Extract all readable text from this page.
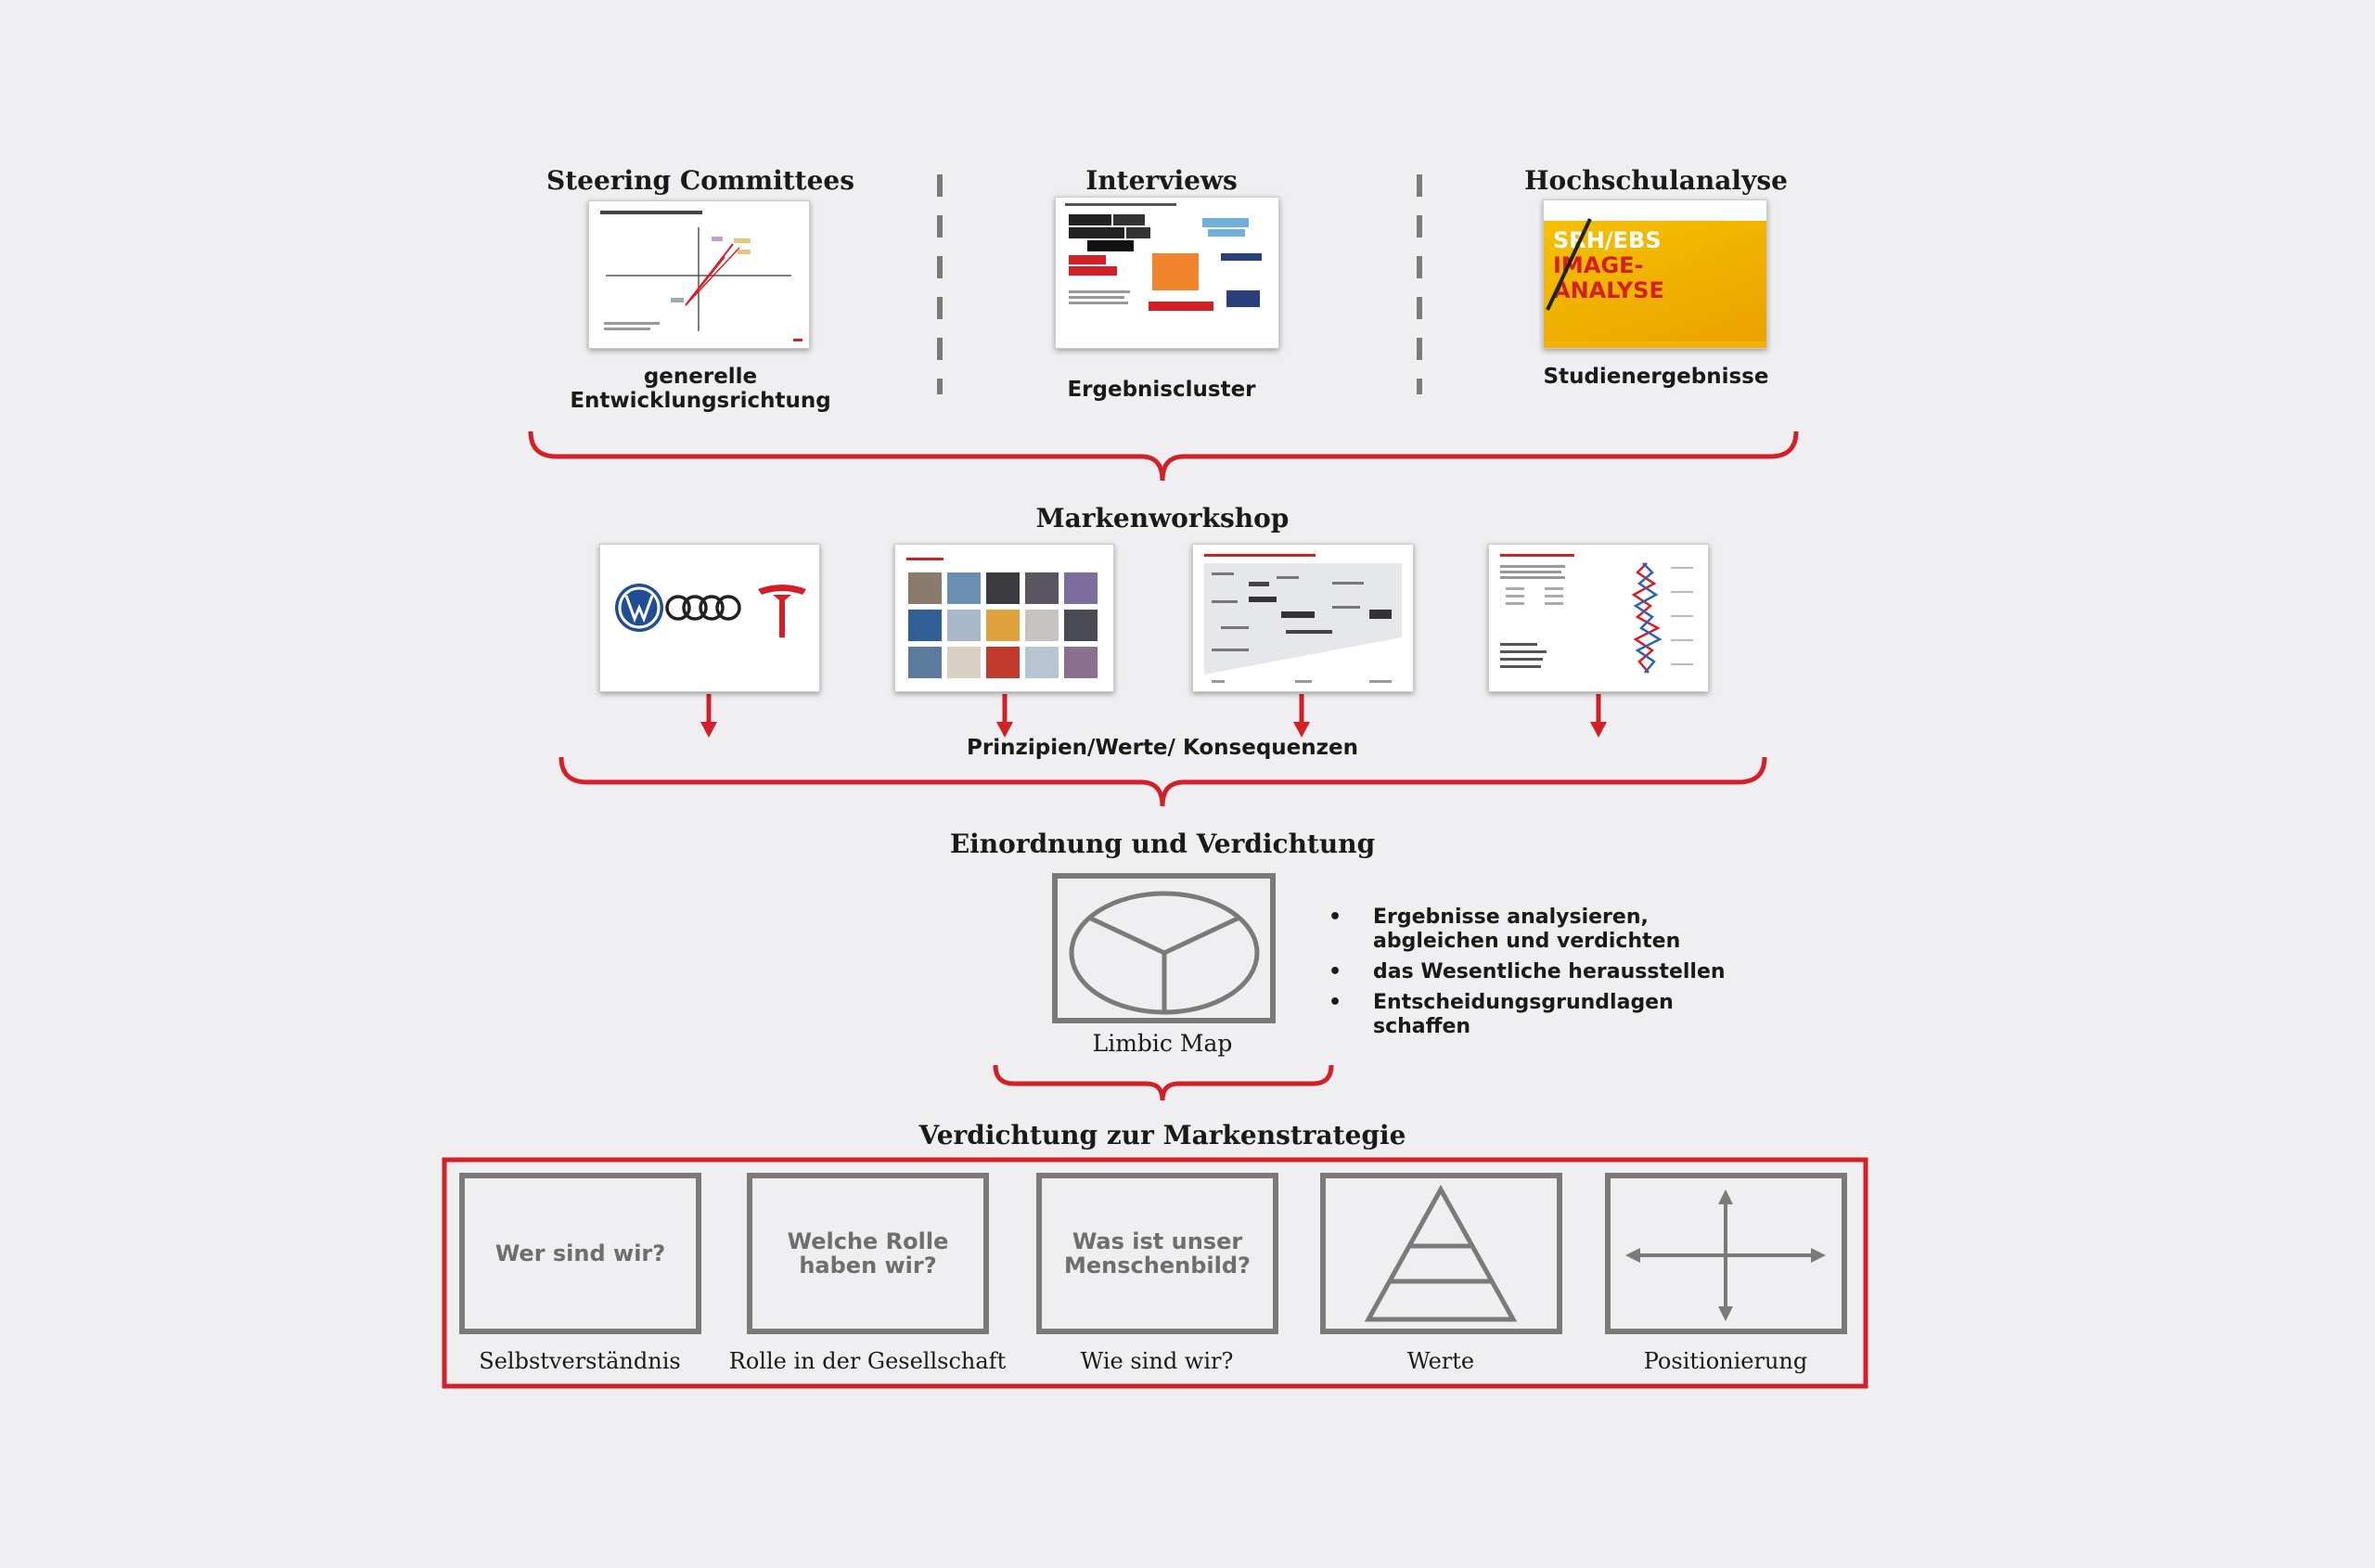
Steering Committees	Interviews	Hochschulanalyse
SRH/EBS
IMAGE-
ANALYSE
generelle Entwicklungsrichtung	Ergebniscluster
Studienergebnisse
Markenworkshop
Prinzipien/Werte/ Konsequenzen
Einordnung und Verdichtung
Limbic Map
•	Ergebnisse analysieren, abgleichen und verdichten
•	das Wesentliche herausstellen
•	Entscheidungsgrundlagen schaffen
Verdichtung zur Markenstrategie
Wer sind wir?	Welche Rolle haben wir?
Was ist unser Menschenbild?
Selbstverständnis	Rolle in der Gesellschaft	Wie sind wir?	Werte	Positionierung
